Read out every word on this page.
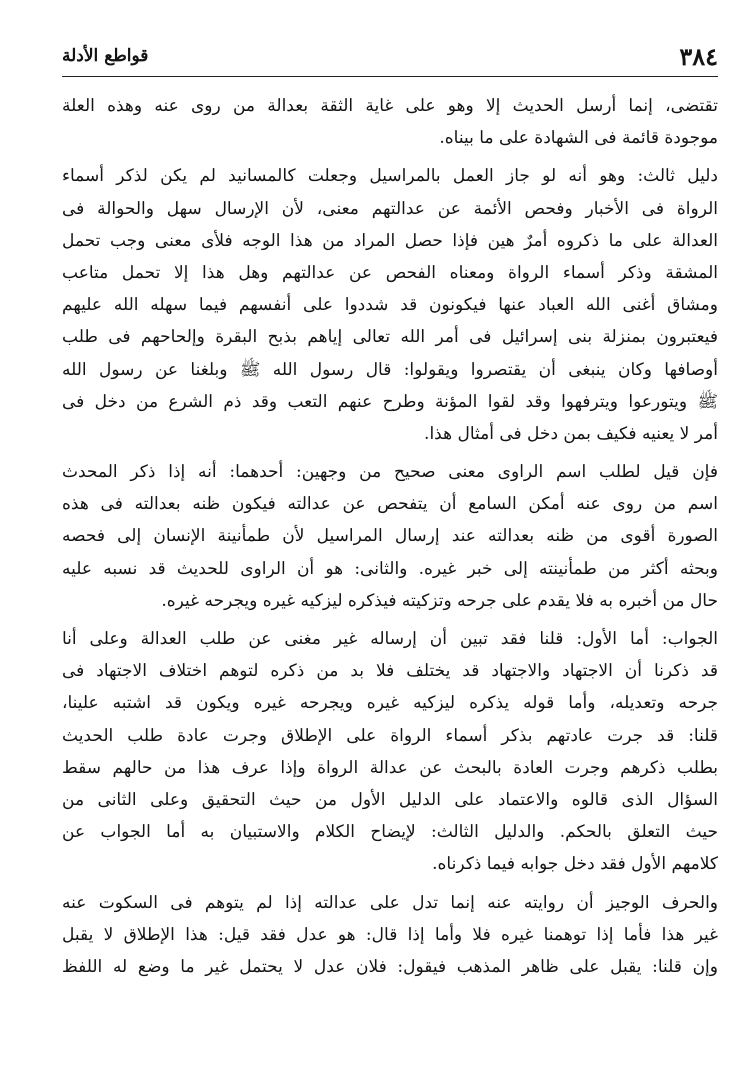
٣٨٤
قواطع الأدلة
تقتضى، إنما أرسل الحديث إلا وهو على غاية الثقة بعدالة من روى عنه وهذه العلة
موجودة قائمة فى الشهادة على ما بيناه.
دليل ثالث: وهو أنه لو جاز العمل بالمراسيل وجعلت كالمسانيد لم يكن لذكر أسماء
الرواة فى الأخبار وفحص الأئمة عن عدالتهم معنى، لأن الإرسال سهل والحوالة فى
العدالة على ما ذكروه أمرٌ هين فإذا حصل المراد من هذا الوجه فلأى معنى وجب تحمل
المشقة وذكر أسماء الرواة ومعناه الفحص عن عدالتهم وهل هذا إلا تحمل متاعب
ومشاق أغنى الله العباد عنها فيكونون قد شددوا على أنفسهم فيما سهله الله عليهم
فيعتبرون بمنزلة بنى إسرائيل فى أمر الله تعالى إياهم بذبح البقرة وإلحاحهم فى طلب
أوصافها وكان ينبغى أن يقتصروا ويقولوا: قال رسول الله ﷺ وبلغنا عن رسول الله
ﷺ ويتورعوا ويترفهوا وقد لقوا المؤنة وطرح عنهم التعب وقد ذم الشرع من دخل فى
أمر لا يعنيه فكيف بمن دخل فى أمثال هذا.
فإن قيل لطلب اسم الراوى معنى صحيح من وجهين: أحدهما: أنه إذا ذكر المحدث
اسم من روى عنه أمكن السامع أن يتفحص عن عدالته فيكون ظنه بعدالته فى هذه
الصورة أقوى من ظنه بعدالته عند إرسال المراسيل لأن طمأنينة الإنسان إلى فحصه
وبحثه أكثر من طمأنينته إلى خبر غيره. والثانى: هو أن الراوى للحديث قد نسبه عليه
حال من أخبره به فلا يقدم على جرحه وتزكيته فيذكره ليزكيه غيره ويجرحه غيره.
الجواب: أما الأول: قلنا فقد تبين أن إرساله غير مغنى عن طلب العدالة وعلى أنا
قد ذكرنا أن الاجتهاد والاجتهاد قد يختلف فلا بد من ذكره لتوهم اختلاف الاجتهاد فى
جرحه وتعديله، وأما قوله يذكره ليزكيه غيره ويجرحه غيره ويكون قد اشتبه علينا،
قلنا: قد جرت عادتهم بذكر أسماء الرواة على الإطلاق وجرت عادة طلب الحديث
بطلب ذكرهم وجرت العادة بالبحث عن عدالة الرواة وإذا عرف هذا من حالهم سقط
السؤال الذى قالوه والاعتماد على الدليل الأول من حيث التحقيق وعلى الثانى من
حيث التعلق بالحكم. والدليل الثالث: لإيضاح الكلام والاستبيان به أما الجواب عن
كلامهم الأول فقد دخل جوابه فيما ذكرناه.
والحرف الوجيز أن روايته عنه إنما تدل على عدالته إذا لم يتوهم فى السكوت عنه
غير هذا فأما إذا توهمنا غيره فلا وأما إذا قال: هو عدل فقد قيل: هذا الإطلاق لا يقبل
وإن قلنا: يقبل على ظاهر المذهب فيقول: فلان عدل لا يحتمل غير ما وضع له اللفظ
